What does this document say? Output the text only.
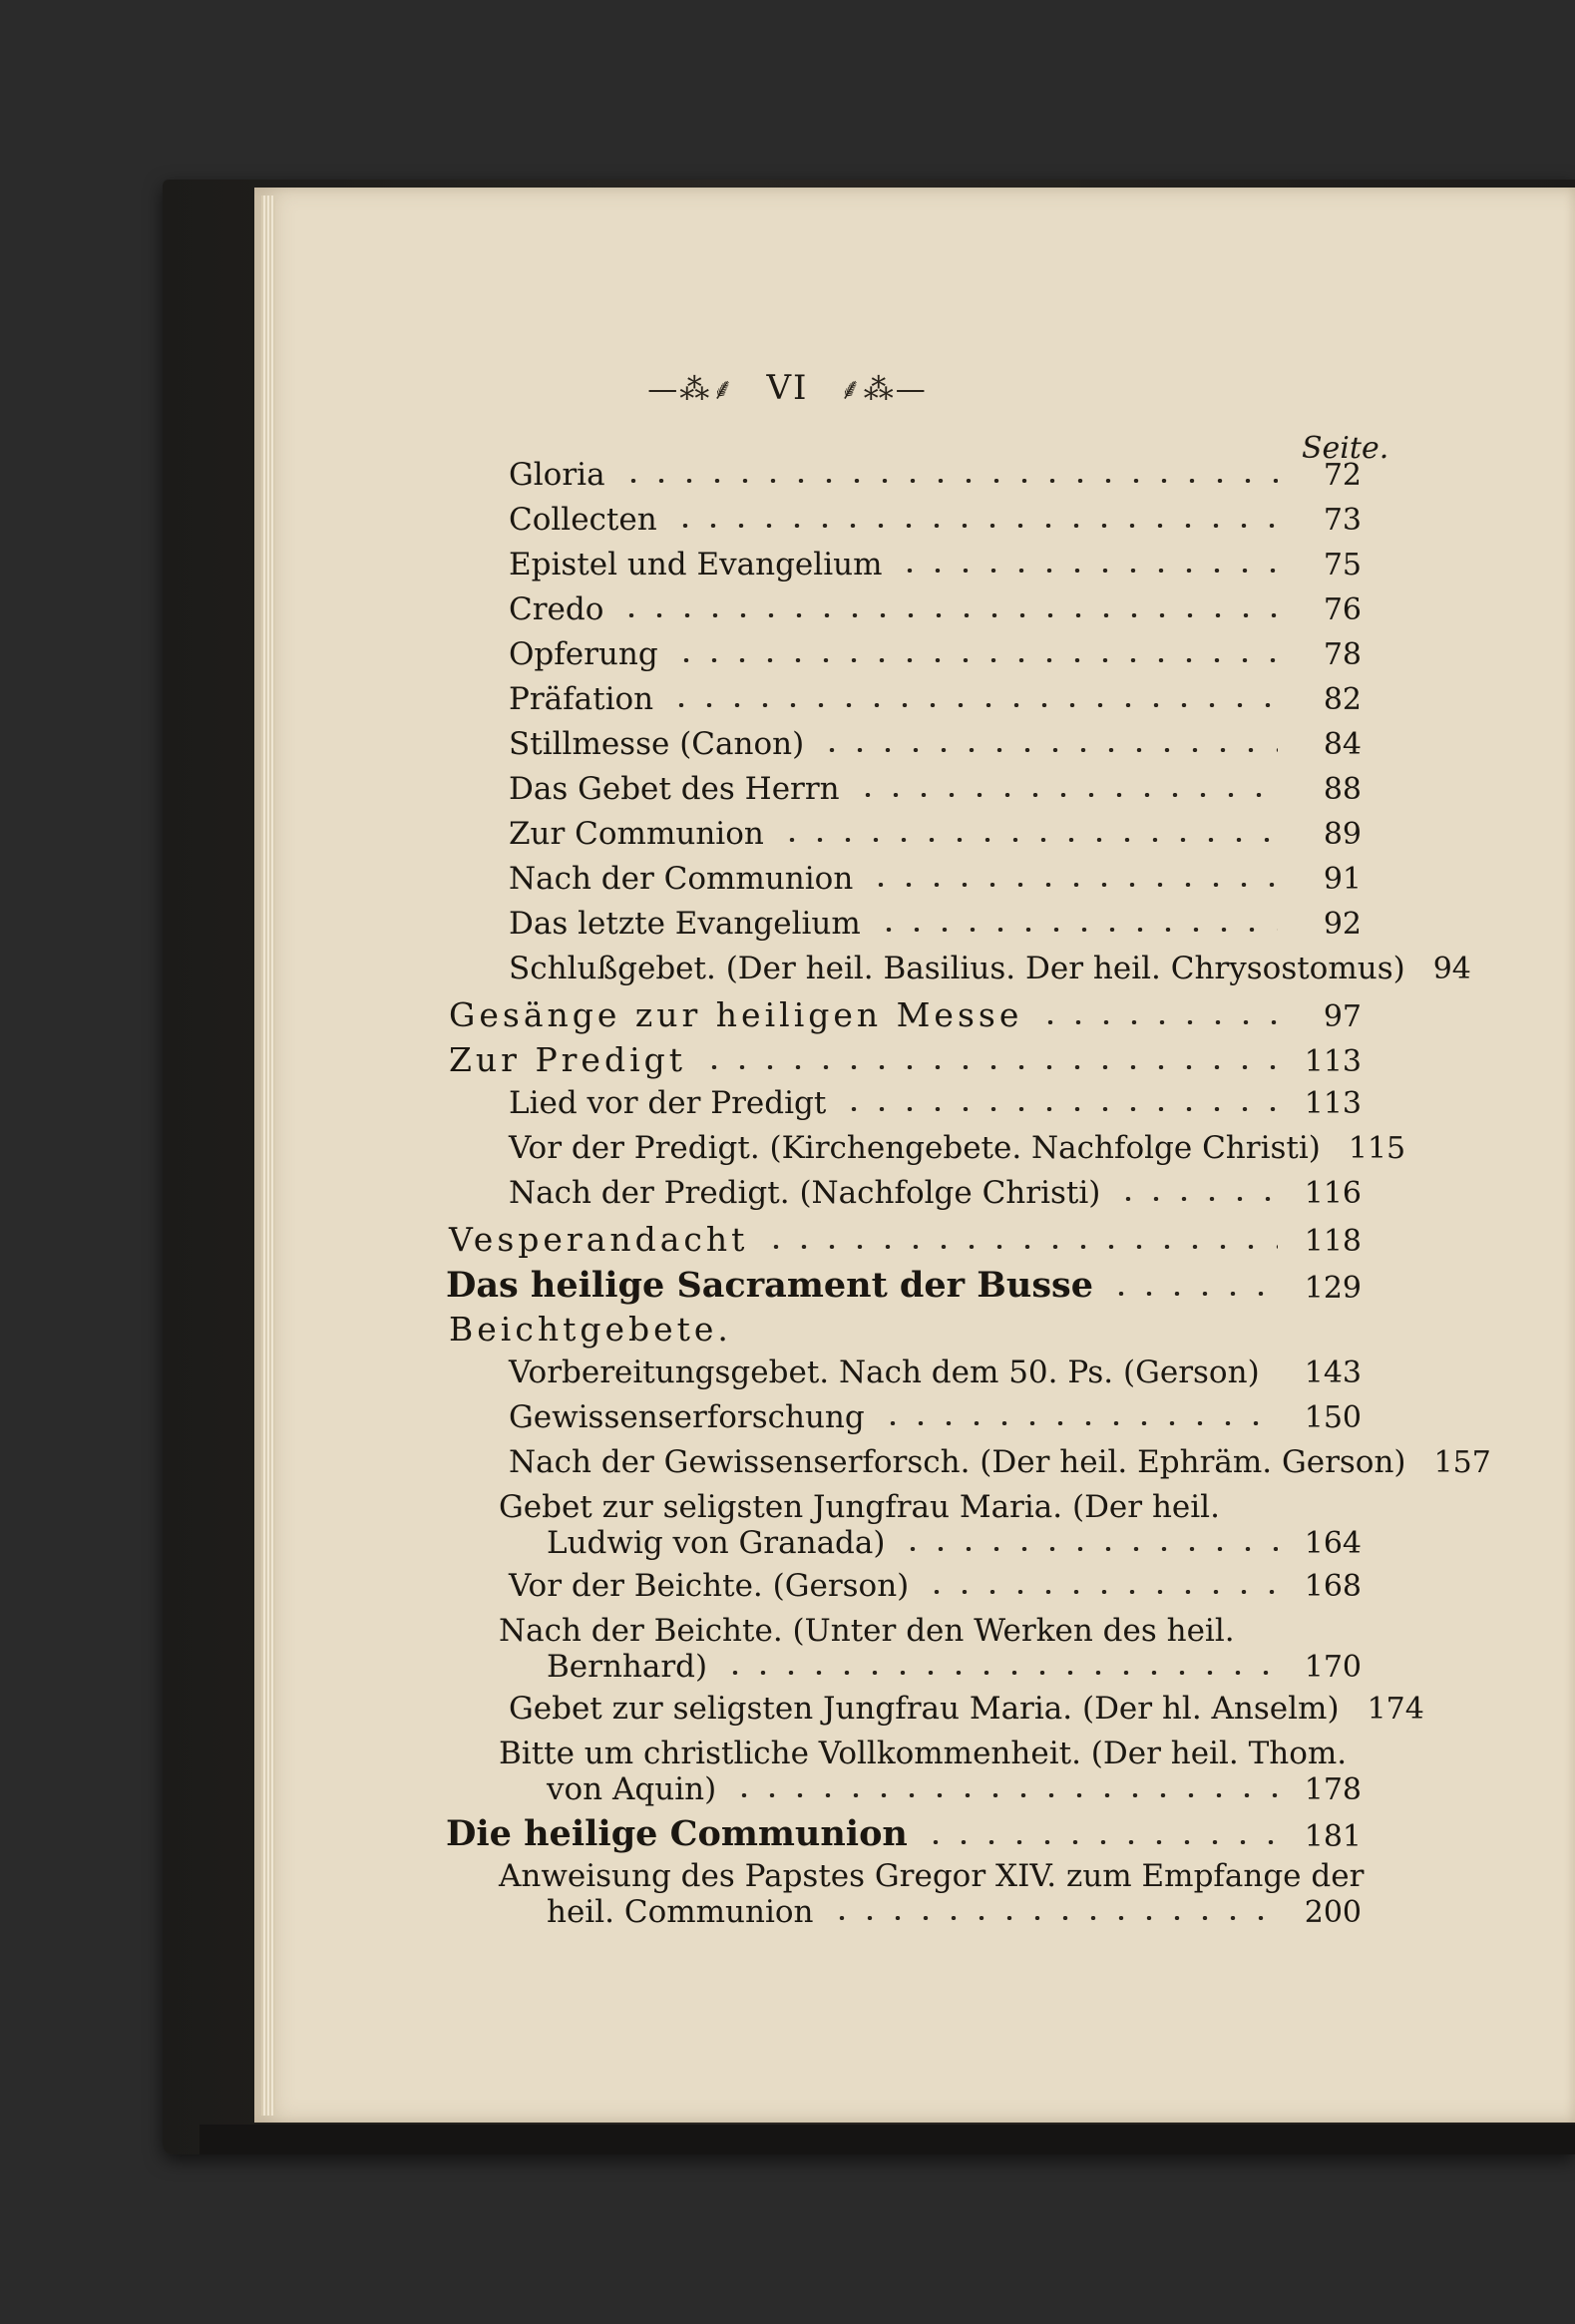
—⁂⸙ VI ⸙⁂—
Seite.
Gloria	72
Collecten	73
Epistel und Evangelium	75
Credo	76
Opferung	78
Präfation	82
Stillmesse (Canon)	84
Das Gebet des Herrn	88
Zur Communion	89
Nach der Communion	91
Das letzte Evangelium	92
Schlußgebet. (Der heil. Basilius. Der heil. Chrysostomus) 94
Gesänge zur heiligen Messe	97
Zur Predigt	113
Lied vor der Predigt	113
Vor der Predigt. (Kirchengebete. Nachfolge Christi) 115
Nach der Predigt. (Nachfolge Christi)	116
Vesperandacht	118
Das heilige Sacrament der Busse	129
Beichtgebete.
Vorbereitungsgebet. Nach dem 50. Ps. (Gerson)	143
Gewissenserforschung	150
Nach der Gewissenserforsch. (Der heil. Ephräm. Gerson) 157
Gebet zur seligsten Jungfrau Maria. (Der heil.
Ludwig von Granada)	164
Vor der Beichte. (Gerson)	168
Nach der Beichte. (Unter den Werken des heil.
Bernhard)	170
Gebet zur seligsten Jungfrau Maria. (Der hl. Anselm) 174
Bitte um christliche Vollkommenheit. (Der heil. Thom.
von Aquin)	178
Die heilige Communion	181
Anweisung des Papstes Gregor XIV. zum Empfange der
heil. Communion	200
